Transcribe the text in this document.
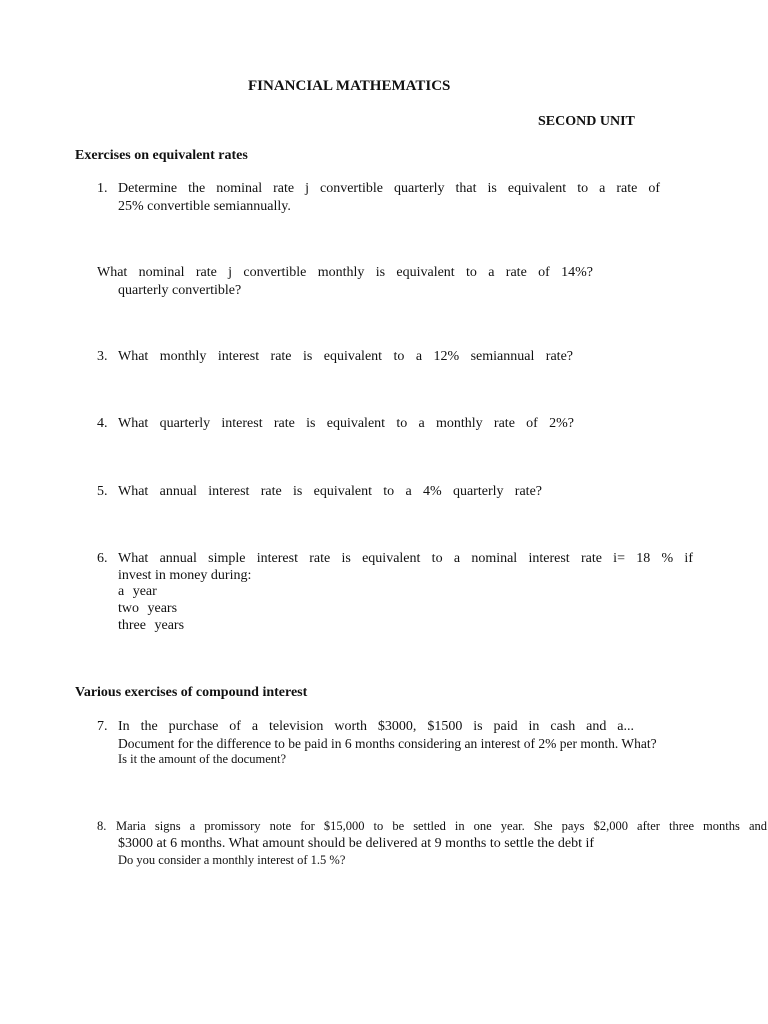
FINANCIAL MATHEMATICS
SECOND UNIT
Exercises on equivalent rates
1. Determine the nominal rate j convertible quarterly that is equivalent to a rate of
25% convertible semiannually.
What nominal rate j convertible monthly is equivalent to a rate of 14%?
quarterly convertible?
3. What monthly interest rate is equivalent to a 12% semiannual rate?
4. What quarterly interest rate is equivalent to a monthly rate of 2%?
5. What annual interest rate is equivalent to a 4% quarterly rate?
6. What annual simple interest rate is equivalent to a nominal interest rate i= 18 % if
invest in money during:
a year
two years
three years
Various exercises of compound interest
7. In the purchase of a television worth $3000, $1500 is paid in cash and a...
Document for the difference to be paid in 6 months considering an interest of 2% per month. What?
Is it the amount of the document?
8. Maria signs a promissory note for $15,000 to be settled in one year. She pays $2,000 after three months and
$3000 at 6 months. What amount should be delivered at 9 months to settle the debt if
Do you consider a monthly interest of 1.5 %?
